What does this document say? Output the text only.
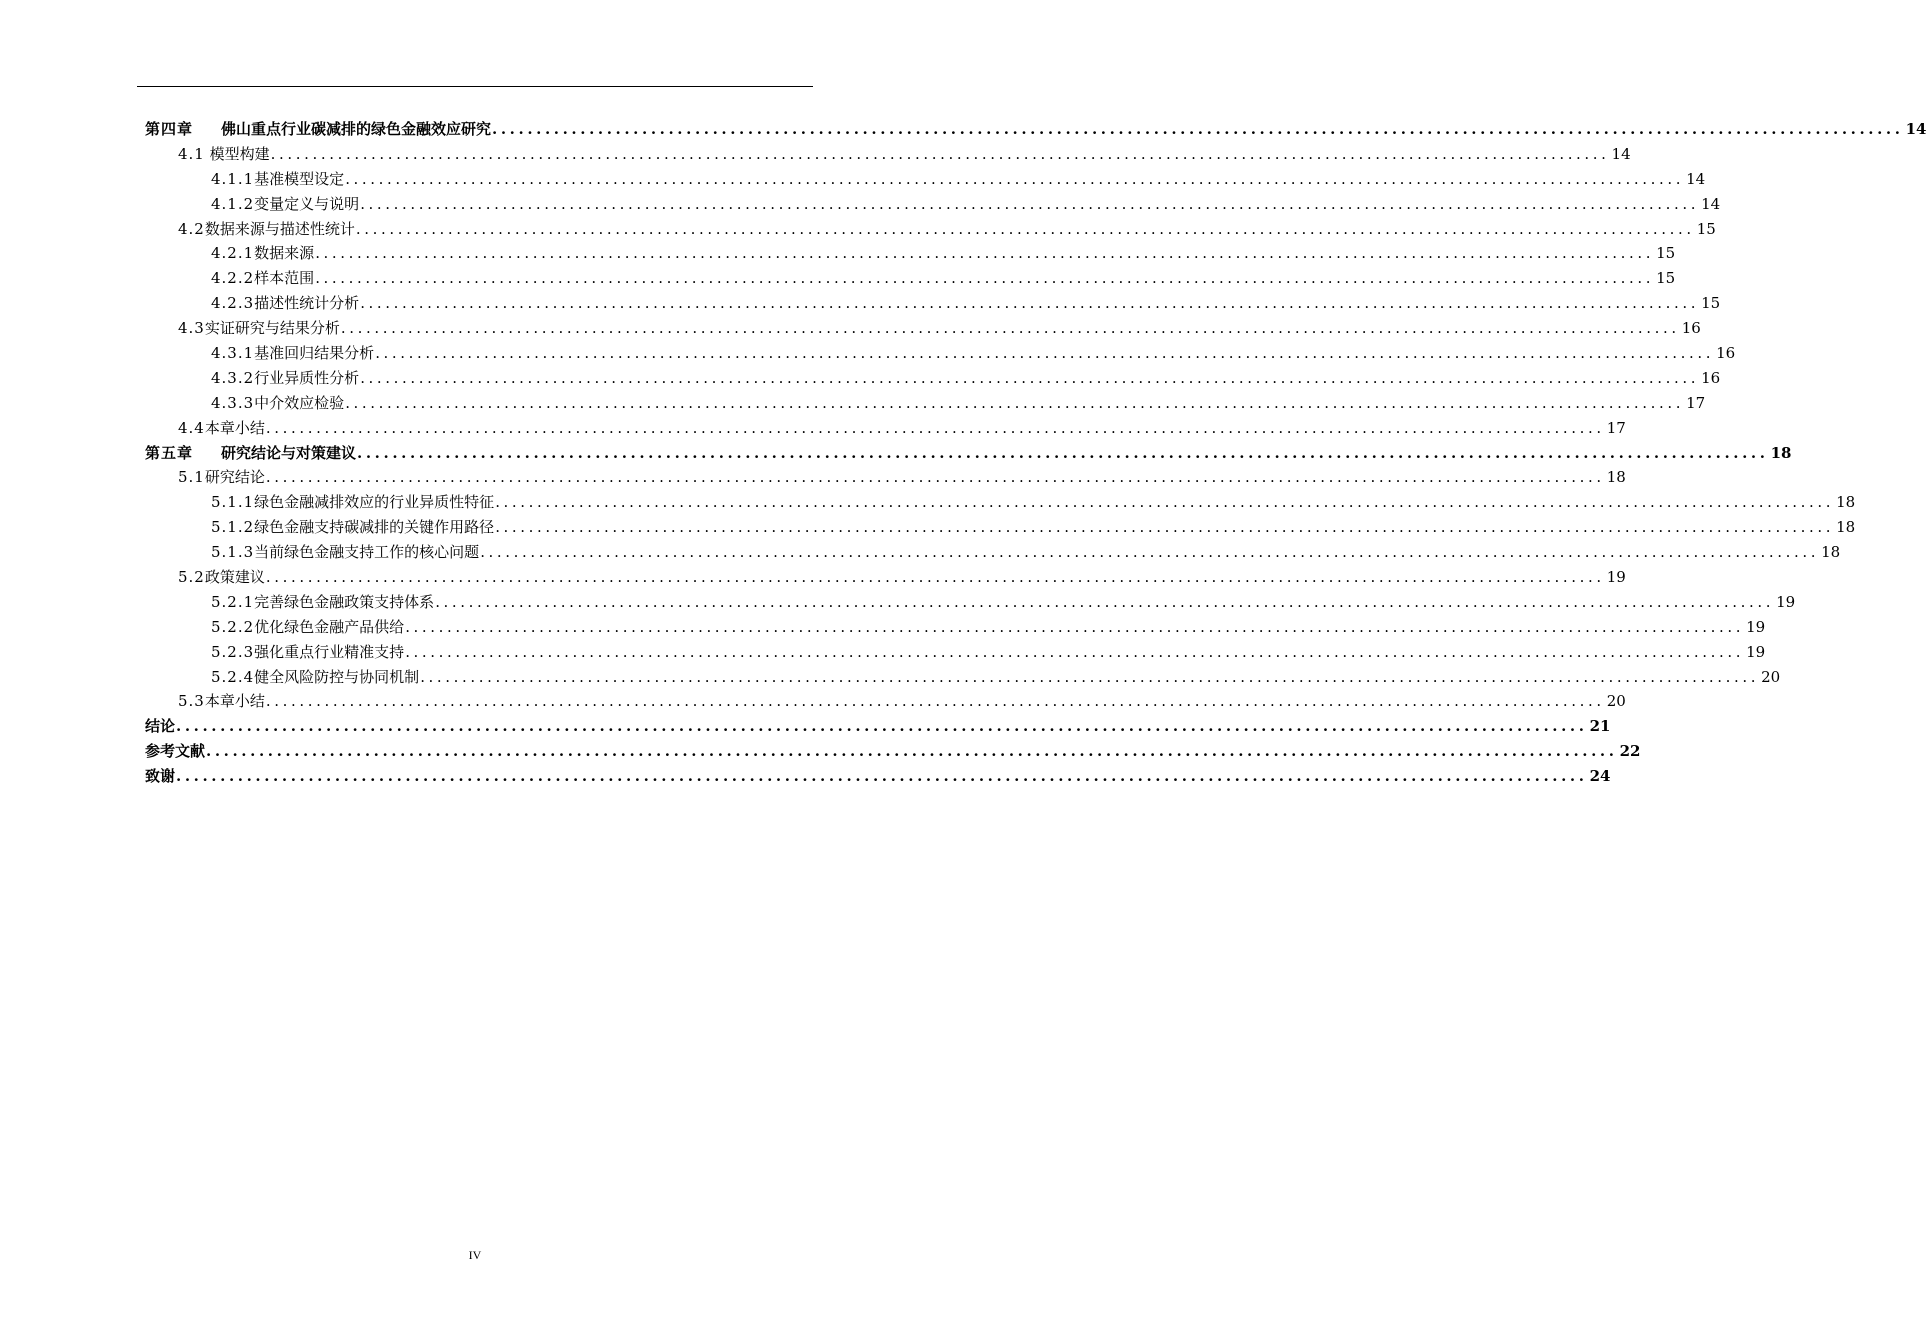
第四章 佛山重点行业碳减排的绿色金融效应研究 ................................................................................................................................................................ 14
4.1 模型构建 ................................................................................................................................................................ 14
4.1.1基准模型设定 ................................................................................................................................................................ 14
4.1.2变量定义与说明 ................................................................................................................................................................ 14
4.2数据来源与描述性统计 ................................................................................................................................................................ 15
4.2.1数据来源 ................................................................................................................................................................ 15
4.2.2样本范围 ................................................................................................................................................................ 15
4.2.3描述性统计分析 ................................................................................................................................................................ 15
4.3实证研究与结果分析 ................................................................................................................................................................ 16
4.3.1基准回归结果分析 ................................................................................................................................................................ 16
4.3.2行业异质性分析 ................................................................................................................................................................ 16
4.3.3中介效应检验 ................................................................................................................................................................ 17
4.4本章小结 ................................................................................................................................................................ 17
第五章 研究结论与对策建议 ................................................................................................................................................................ 18
5.1研究结论 ................................................................................................................................................................ 18
5.1.1绿色金融减排效应的行业异质性特征 ................................................................................................................................................................ 18
5.1.2绿色金融支持碳减排的关键作用路径 ................................................................................................................................................................ 18
5.1.3当前绿色金融支持工作的核心问题 ................................................................................................................................................................ 18
5.2政策建议 ................................................................................................................................................................ 19
5.2.1完善绿色金融政策支持体系 ................................................................................................................................................................ 19
5.2.2优化绿色金融产品供给 ................................................................................................................................................................ 19
5.2.3强化重点行业精准支持 ................................................................................................................................................................ 19
5.2.4健全风险防控与协同机制 ................................................................................................................................................................ 20
5.3本章小结 ................................................................................................................................................................ 20
结论 ................................................................................................................................................................ 21
参考文献 ................................................................................................................................................................ 22
致谢 ................................................................................................................................................................ 24
IV
